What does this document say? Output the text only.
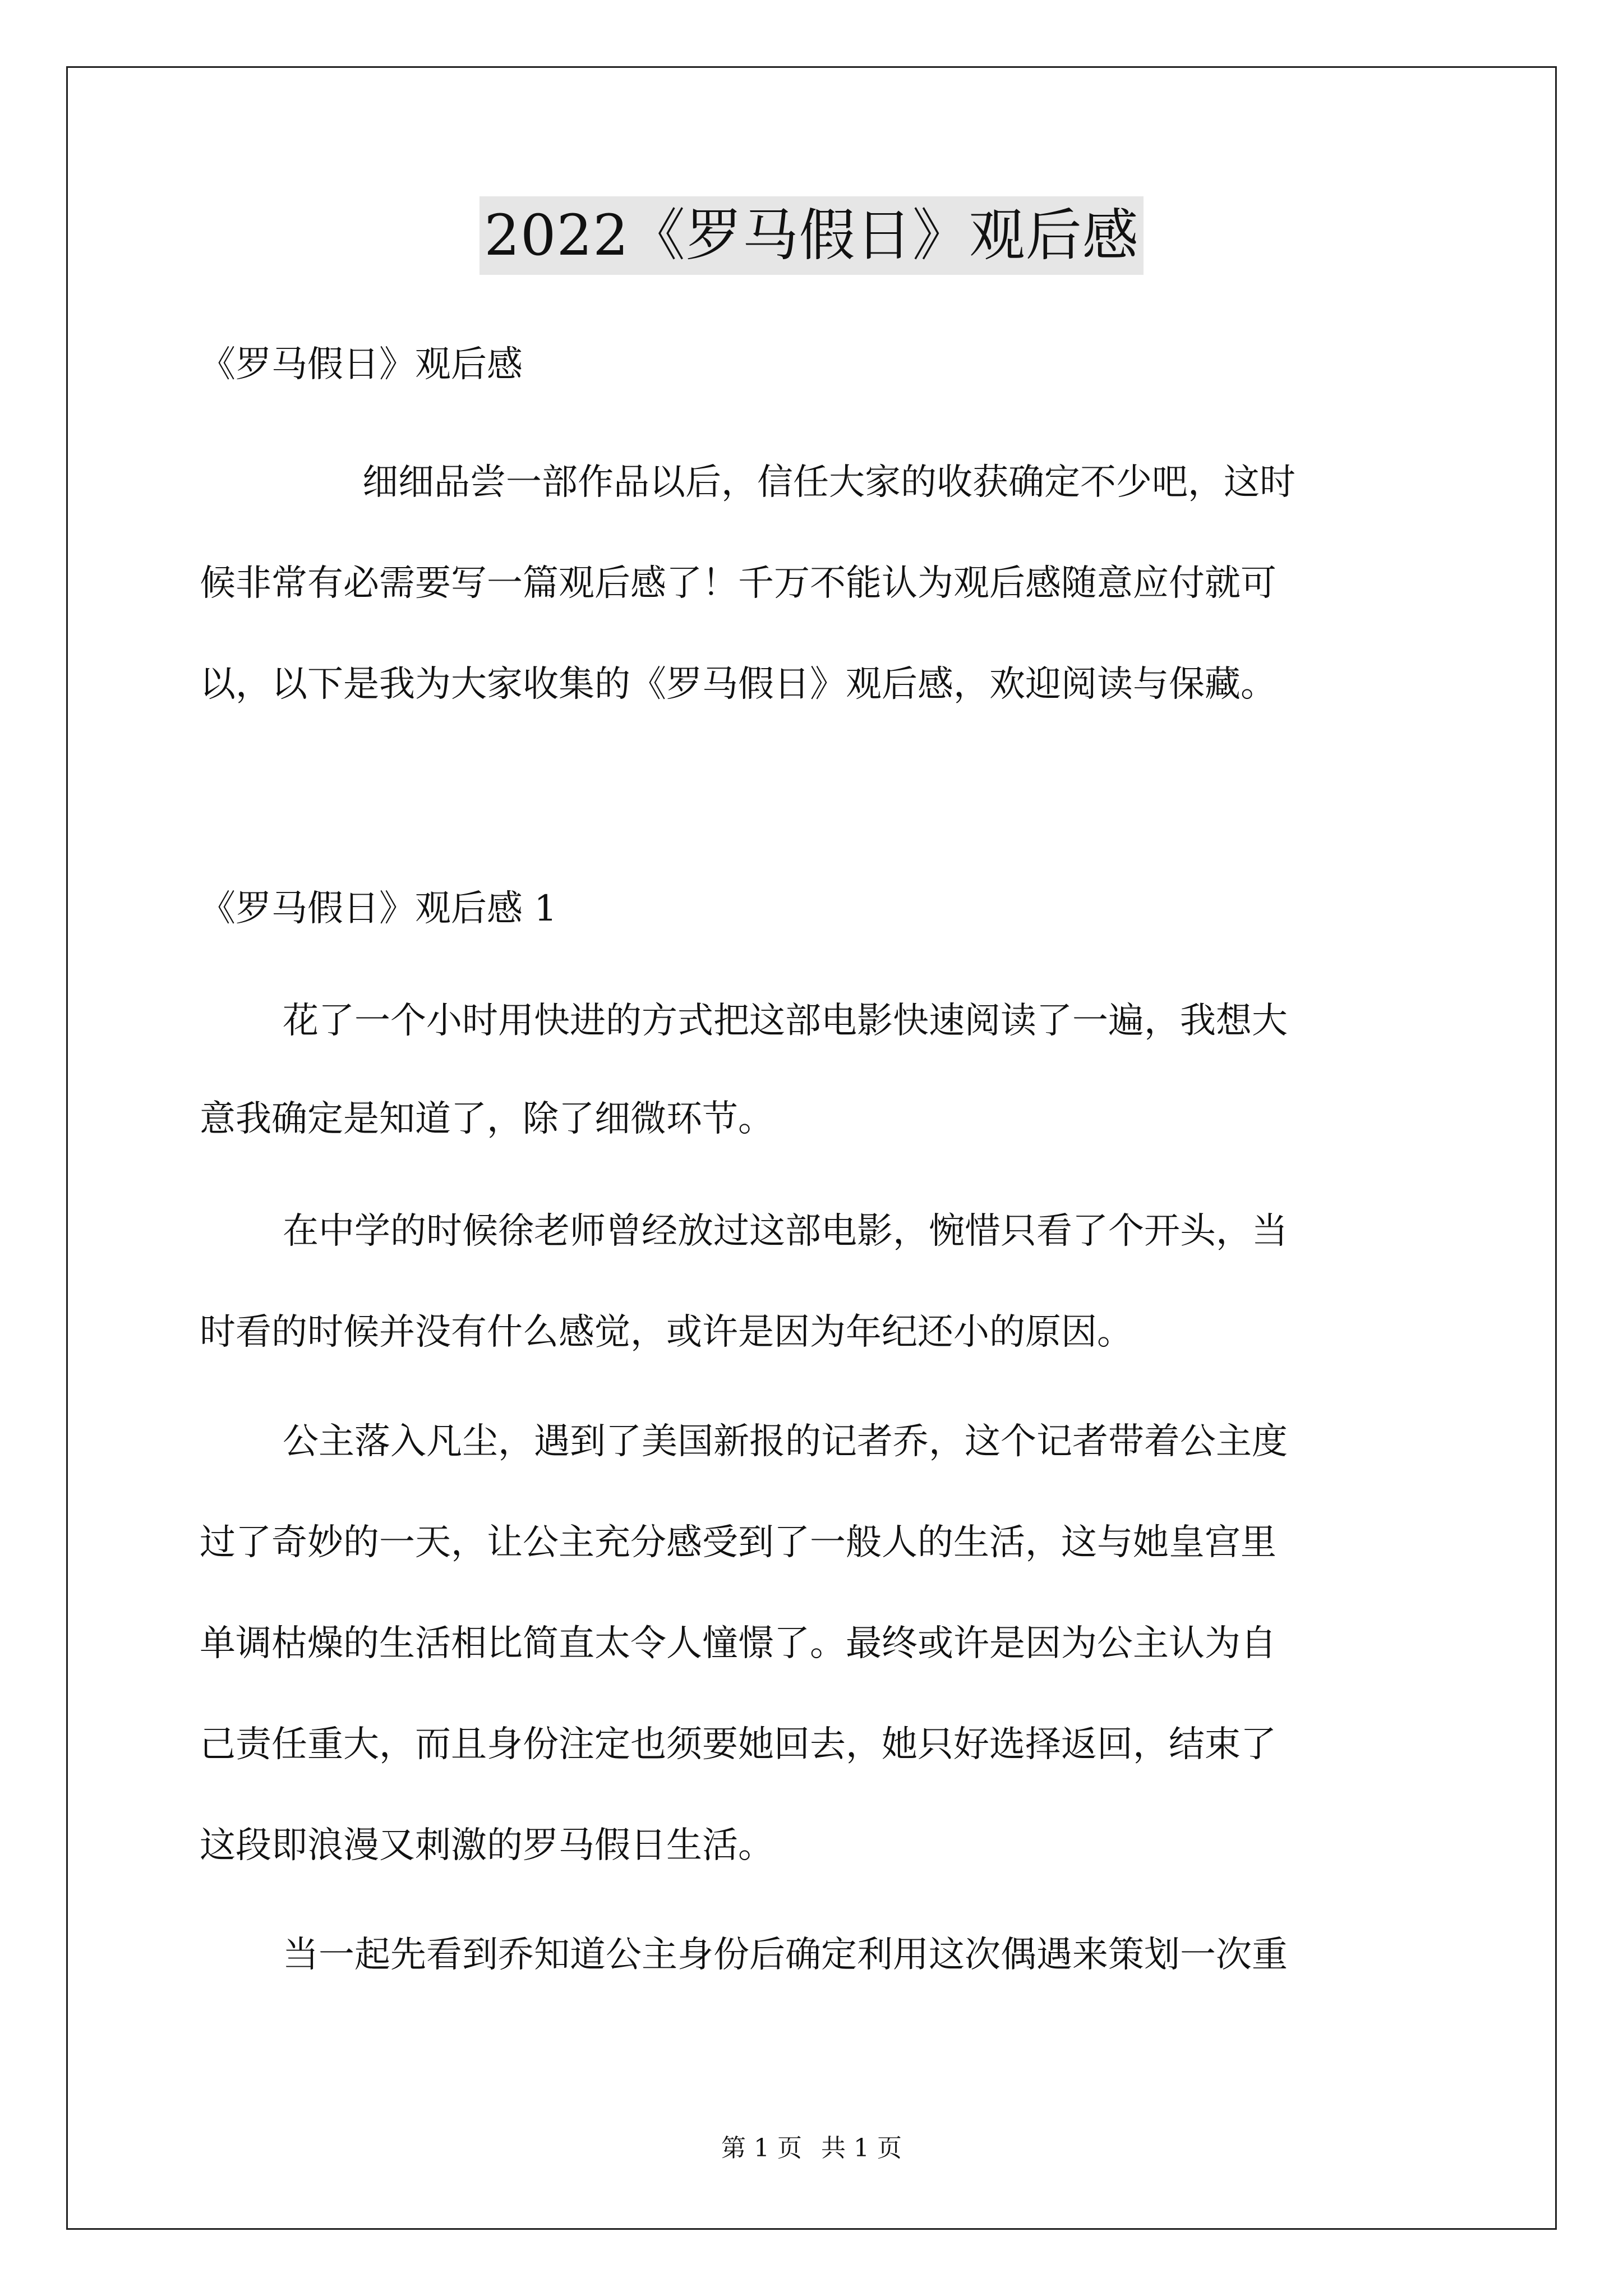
2022《罗马假日》观后感
《罗马假日》观后感
细细品尝一部作品以后，信任大家的收获确定不少吧，这时
候非常有必需要写一篇观后感了！千万不能认为观后感随意应付就可
以，以下是我为大家收集的《罗马假日》观后感，欢迎阅读与保藏。
《罗马假日》观后感 1
花了一个小时用快进的方式把这部电影快速阅读了一遍，我想大
意我确定是知道了，除了细微环节。
在中学的时候徐老师曾经放过这部电影，惋惜只看了个开头，当
时看的时候并没有什么感觉，或许是因为年纪还小的原因。
公主落入凡尘，遇到了美国新报的记者乔，这个记者带着公主度
过了奇妙的一天，让公主充分感受到了一般人的生活，这与她皇宫里
单调枯燥的生活相比简直太令人憧憬了。最终或许是因为公主认为自
己责任重大，而且身份注定也须要她回去，她只好选择返回，结束了
这段即浪漫又刺激的罗马假日生活。
当一起先看到乔知道公主身份后确定利用这次偶遇来策划一次重
第 1 页 共 1 页
